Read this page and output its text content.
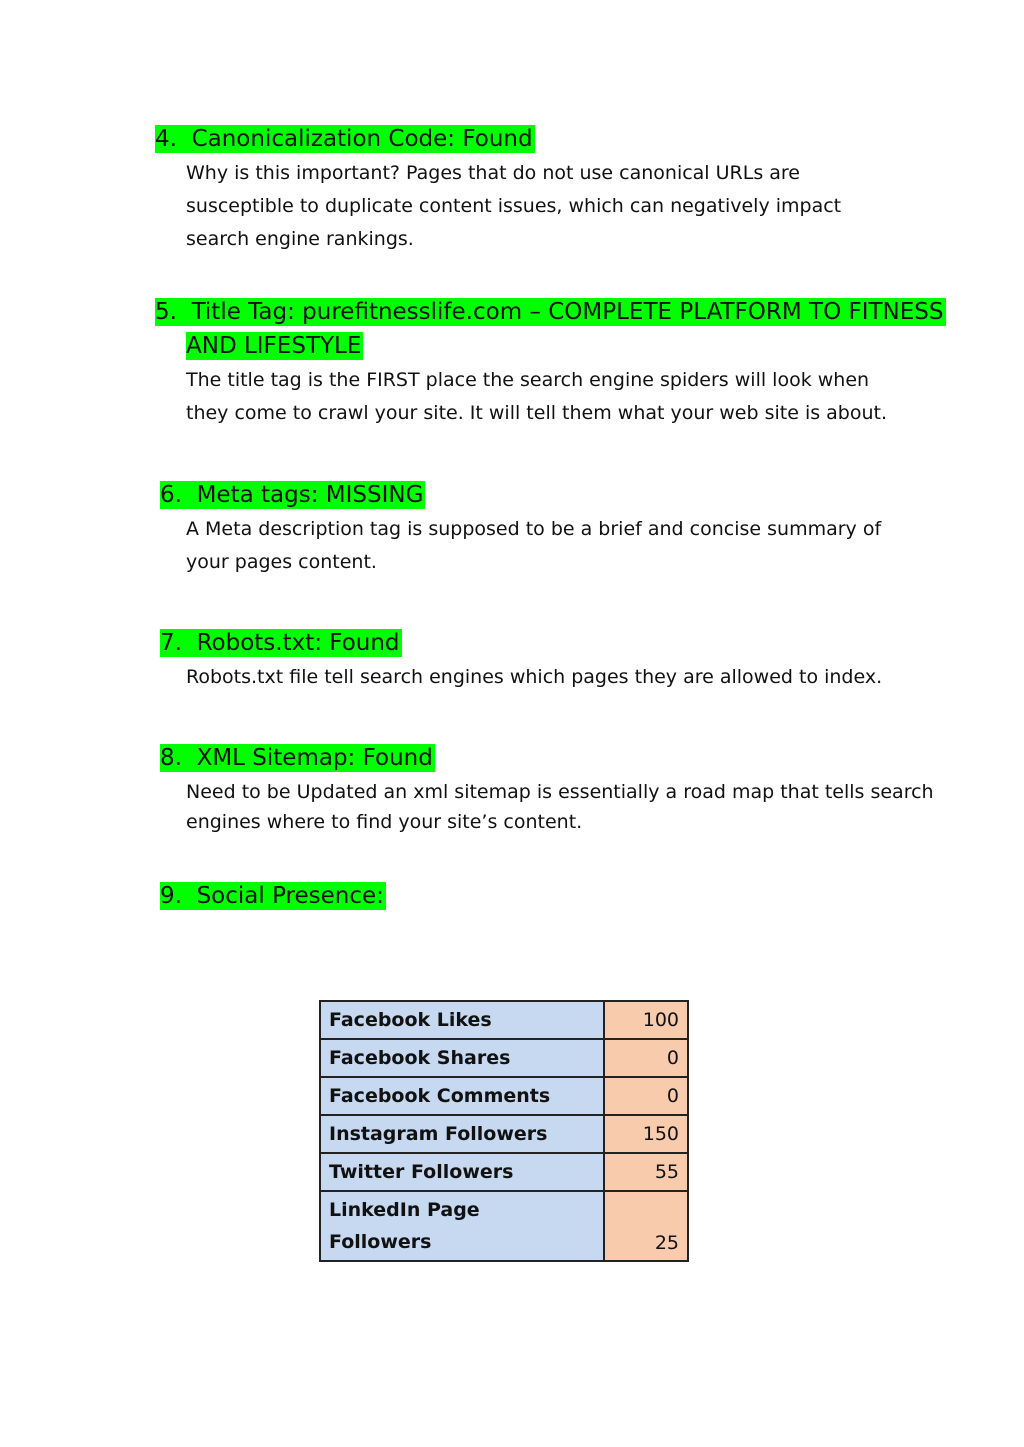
4. Canonicalization Code: Found
Why is this important? Pages that do not use canonical URLs are
susceptible to duplicate content issues, which can negatively impact
search engine rankings.
5. Title Tag: purefitnesslife.com – COMPLETE PLATFORM TO FITNESS
AND LIFESTYLE
The title tag is the FIRST place the search engine spiders will look when
they come to crawl your site. It will tell them what your web site is about.
6. Meta tags: MISSING
A Meta description tag is supposed to be a brief and concise summary of
your pages content.
7. Robots.txt: Found
Robots.txt file tell search engines which pages they are allowed to index.
8. XML Sitemap: Found
Need to be Updated an xml sitemap is essentially a road map that tells search
engines where to find your site’s content.
9. Social Presence:
Facebook Likes	100
Facebook Shares	0
Facebook Comments	0
Instagram Followers	150
Twitter Followers	55

LinkedIn Page
Followers	25
